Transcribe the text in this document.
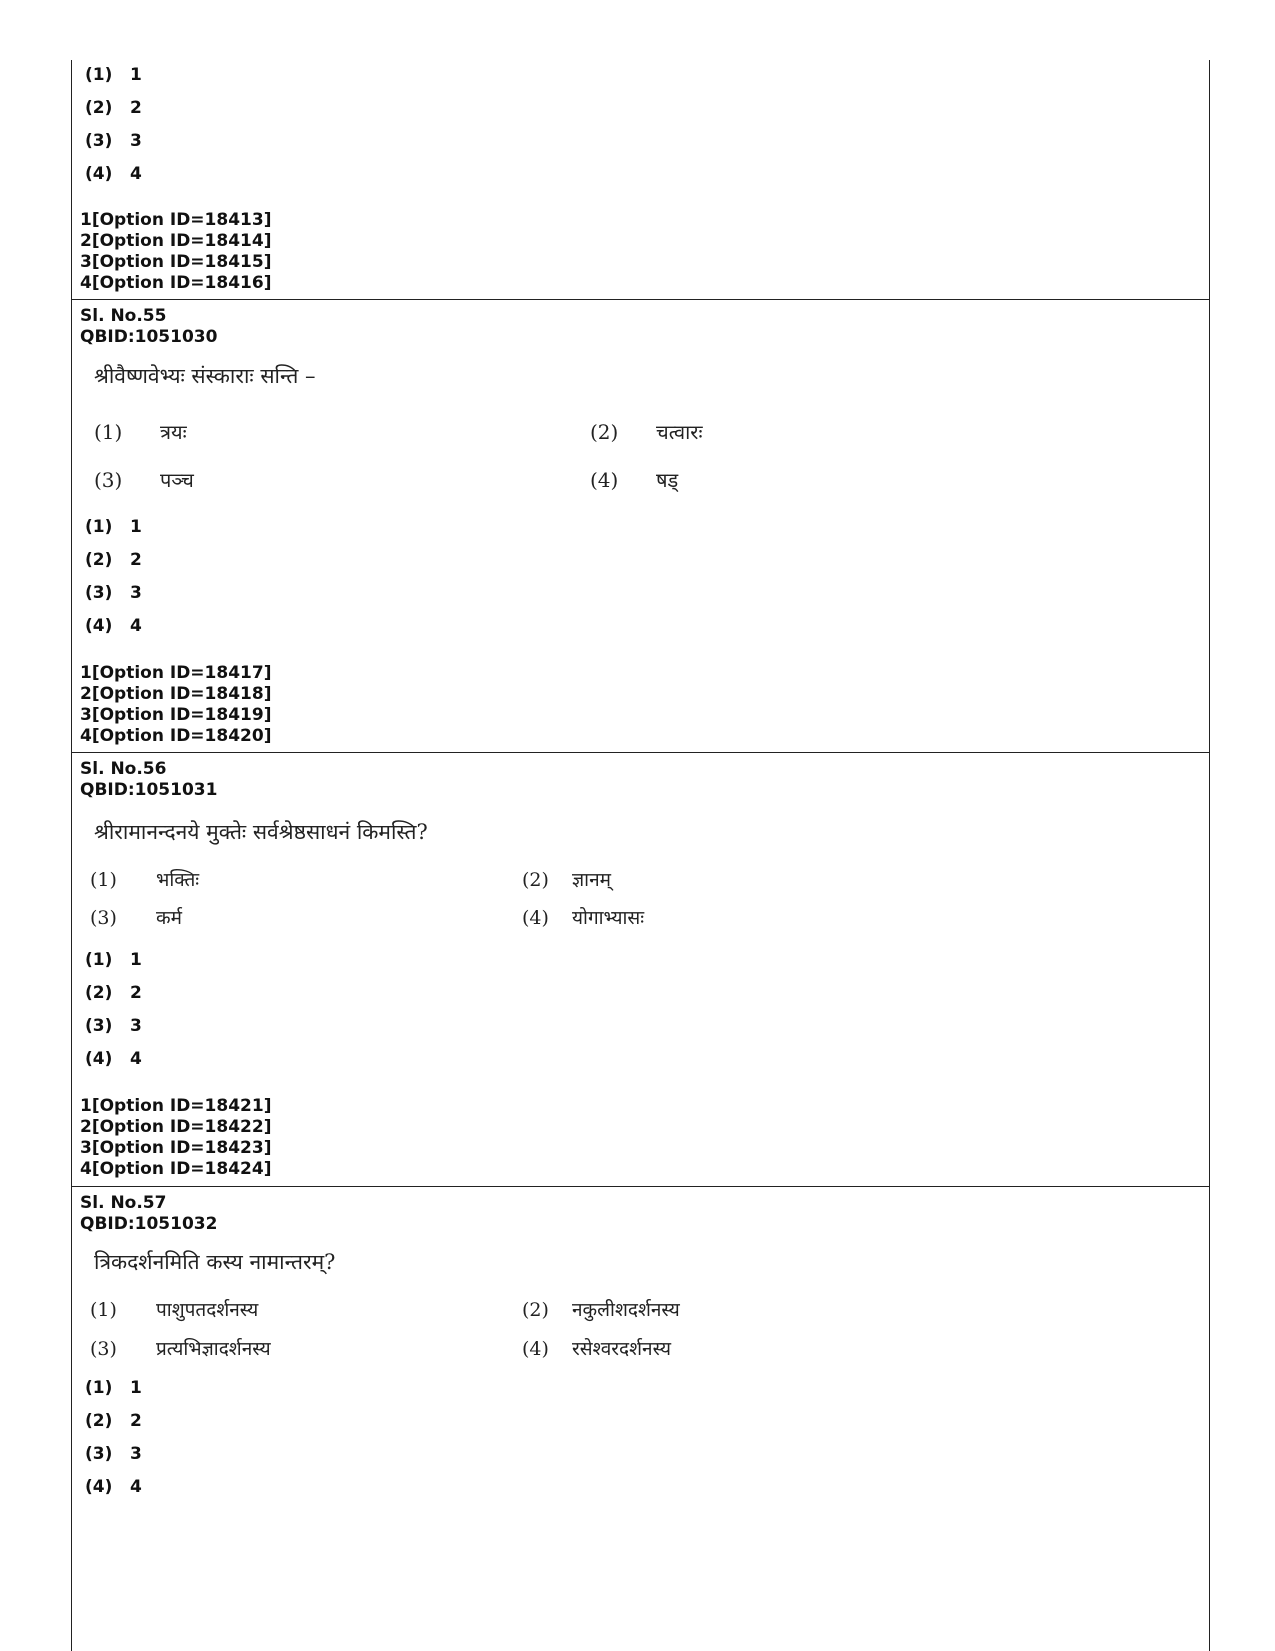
(1) 1
(2) 2
(3) 3
(4) 4
1[Option ID=18413]
2[Option ID=18414]
3[Option ID=18415]
4[Option ID=18416]
Sl. No.55
QBID:1051030
श्रीवैष्णवेभ्यः संस्काराः सन्ति –
(1) त्रयः	(2) चत्वारः
(3) पञ्च	(4) षड्
(1) 1
(2) 2
(3) 3
(4) 4
1[Option ID=18417]
2[Option ID=18418]
3[Option ID=18419]
4[Option ID=18420]
Sl. No.56
QBID:1051031
श्रीरामानन्दनये मुक्तेः सर्वश्रेष्ठसाधनं किमस्ति?
(1) भक्तिः	(2) ज्ञानम्
(3) कर्म	(4) योगाभ्यासः
(1) 1
(2) 2
(3) 3
(4) 4
1[Option ID=18421]
2[Option ID=18422]
3[Option ID=18423]
4[Option ID=18424]
Sl. No.57
QBID:1051032
त्रिकदर्शनमिति कस्य नामान्तरम्?
(1) पाशुपतदर्शनस्य	(2) नकुलीशदर्शनस्य
(3) प्रत्यभिज्ञादर्शनस्य	(4) रसेश्वरदर्शनस्य
(1) 1
(2) 2
(3) 3
(4) 4
